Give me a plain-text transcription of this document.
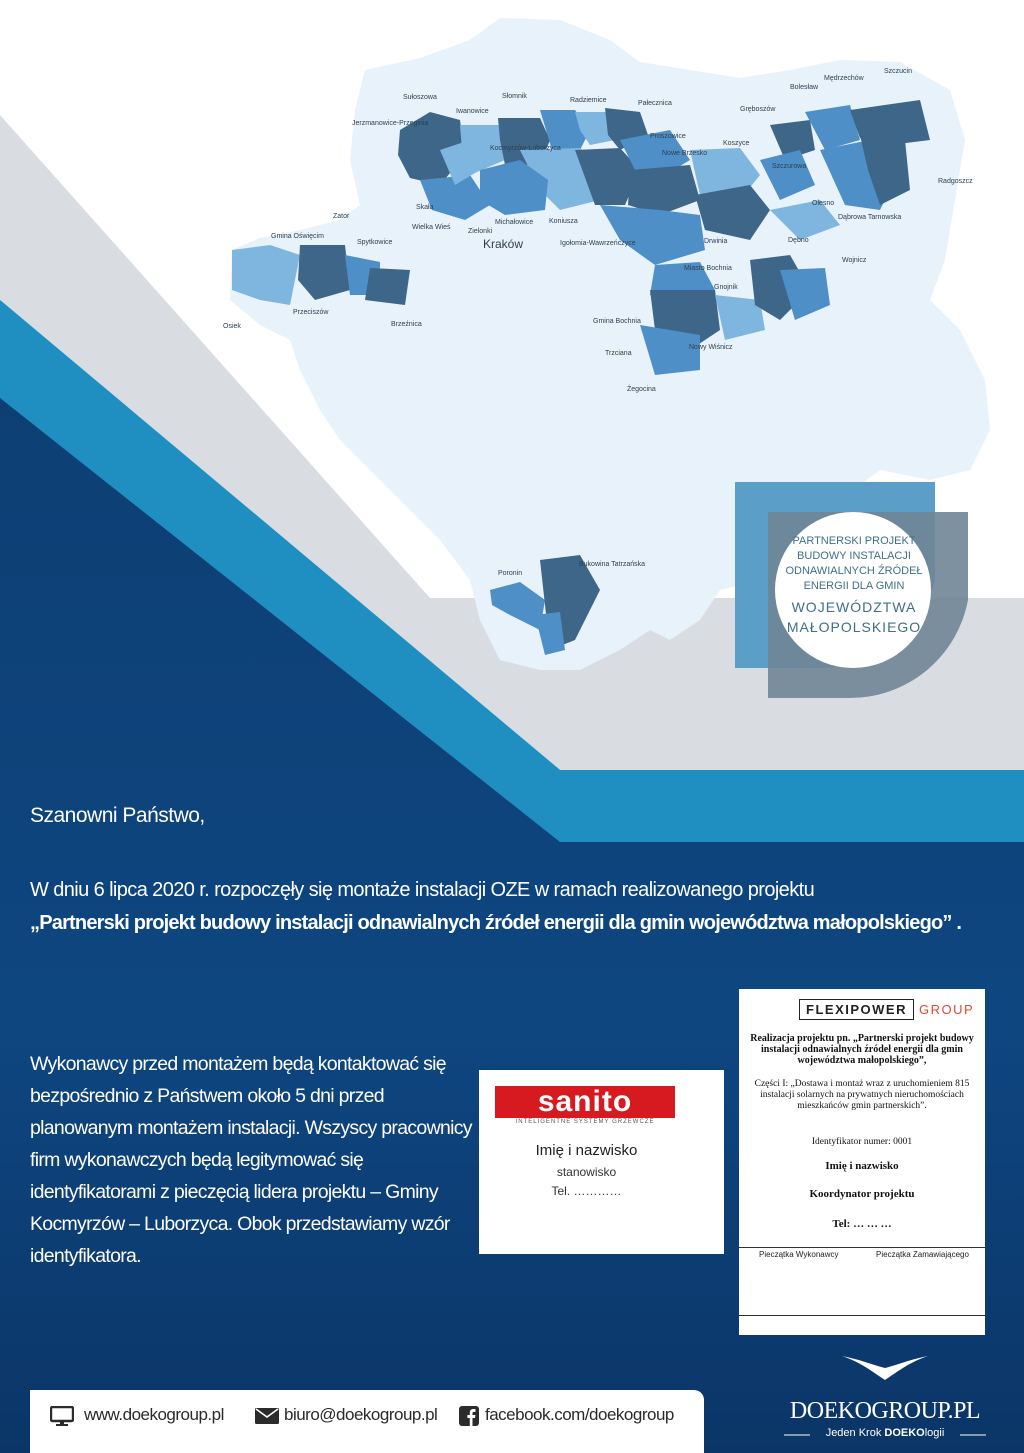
Szczucin
Mędrzechów
Bolesław
Gręboszów
Sułoszowa	Słomnik
Radziemice	Pałecznica
Iwanowice
Jerzmanowice-Przeginia
Kocmyrzów-Luborzyca
Proszowice
Nowe Brzesko
Koszyce
Szczurowa
Radgoszcz
Olesno
Dąbrowa Tarnowska
Skała
Wielka Wieś
Zielonki
Michałowice Koniusza
Kraków	Igołomia-Wawrzeńczyce	Drwinia
Zator
Gmina Oświęcim
Spytkowice
Osiek
Przeciszów
Brzeźnica
Dębno
Wojnicz
Miasto Bochnia
Gnojnik
Gmina Bochnia
Trzciana
Nowy Wiśnicz
Żegocina
Poronin
Bukowina Tatrzańska
PARTNERSKI PROJEKT
BUDOWY INSTALACJI
ODNAWIALNYCH ŹRÓDEŁ
ENERGII DLA GMIN
WOJEWÓDZTWA
MAŁOPOLSKIEGO
Szanowni Państwo,
W dniu 6 lipca 2020 r. rozpoczęły się montaże instalacji OZE w ramach realizowanego projektu
„Partnerski projekt budowy instalacji odnawialnych źródeł energii dla gmin województwa małopolskiego” .
Wykonawcy przed montażem będą kontaktować się bezpośrednio z Państwem około 5 dni przed planowanym montażem instalacji. Wszyscy pracownicy firm wykonawczych będą legitymować się identyfikatorami z pieczęcią lidera projektu – Gminy Kocmyrzów – Luborzyca. Obok przedstawiamy wzór identyfikatora.
sanito
INTELIGENTNE SYSTEMY GRZEWCZE
Imię i nazwisko
stanowisko
Tel. …………
FLEXIPOWER GROUP
Realizacja projektu pn. „Partnerski projekt budowy instalacji odnawialnych źródeł energii dla gmin województwa małopolskiego”,
Części I: „Dostawa i montaż wraz z uruchomieniem 815 instalacji solarnych na prywatnych nieruchomościach mieszkańców gmin partnerskich”.
Identyfikator numer: 0001
Imię i nazwisko
Koordynator projektu
Tel: … … …
Pieczątka Wykonawcy	Pieczątka Zamawiającego
www.doekogroup.pl	biuro@doekogroup.pl	facebook.com/doekogroup	DOEKOGROUP.PL
Jeden Krok DOEKOlogii
